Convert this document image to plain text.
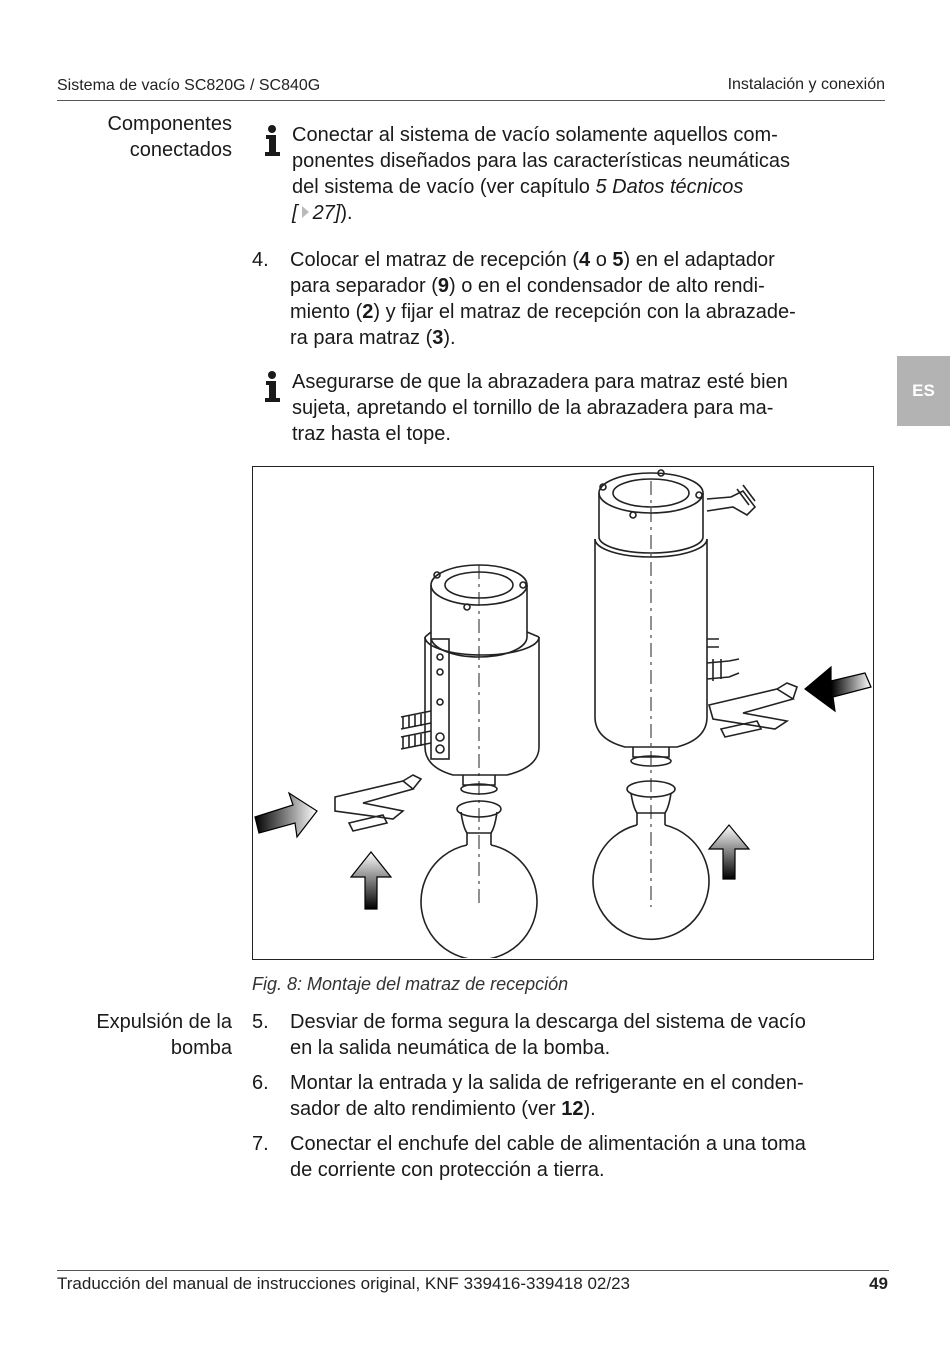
Sistema de vacío SC820G / SC840G	Instalación y conexión
ES
Componentes
conectados
Conectar al sistema de vacío solamente aquellos com-
ponentes diseñados para las características neumáticas
del sistema de vacío (ver capítulo 5 Datos técnicos
[ 27]).
4.	Colocar el matraz de recepción (4 o 5) en el adaptador
para separador (9) o en el condensador de alto rendi-
miento (2) y fijar el matraz de recepción con la abrazade-
ra para matraz (3).
Asegurarse de que la abrazadera para matraz esté bien
sujeta, apretando el tornillo de la abrazadera para ma-
traz hasta el tope.
Fig. 8: Montaje del matraz de recepción
Expulsión de la
bomba
5.	Desviar de forma segura la descarga del sistema de vacío
en la salida neumática de la bomba.
6.	Montar la entrada y la salida de refrigerante en el conden-
sador de alto rendimiento (ver 12).
7.	Conectar el enchufe del cable de alimentación a una toma
de corriente con protección a tierra.
Traducción del manual de instrucciones original, KNF 339416-339418 02/23	49
